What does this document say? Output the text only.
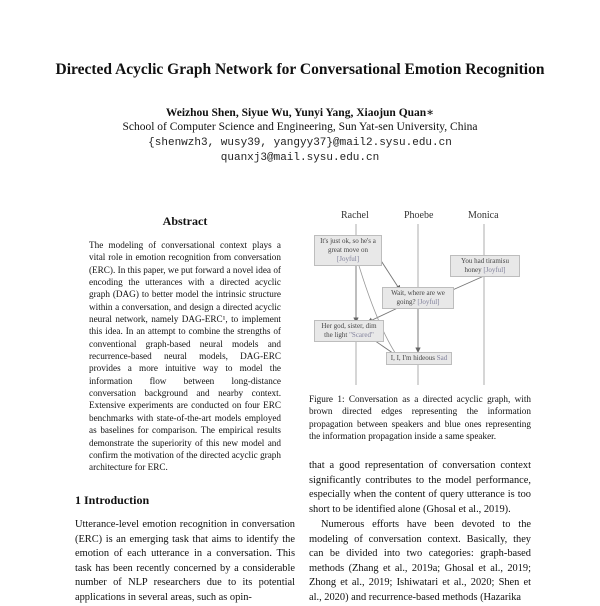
Directed Acyclic Graph Network for Conversational Emotion Recognition
Weizhou Shen, Siyue Wu, Yunyi Yang, Xiaojun Quan∗
School of Computer Science and Engineering, Sun Yat-sen University, China
{shenwzh3, wusy39, yangyy37}@mail2.sysu.edu.cn
quanxj3@mail.sysu.edu.cn
Abstract
The modeling of conversational context plays a vital role in emotion recognition from conversation (ERC). In this paper, we put forward a novel idea of encoding the utterances with a directed acyclic graph (DAG) to better model the intrinsic structure within a conversation, and design a directed acyclic neural network, namely DAG-ERC¹, to implement this idea. In an attempt to combine the strengths of conventional graph-based neural models and recurrence-based neural models, DAG-ERC provides a more intuitive way to model the information flow between long-distance conversation background and nearby context. Extensive experiments are conducted on four ERC benchmarks with state-of-the-art models employed as baselines for comparison. The empirical results demonstrate the superiority of this new model and confirm the motivation of the directed acyclic graph architecture for ERC.
1 Introduction
Utterance-level emotion recognition in conversation (ERC) is an emerging task that aims to identify the emotion of each utterance in a conversation. This task has been recently concerned by a considerable number of NLP researchers due to its potential applications in several areas, such as opin-
Rachel	Phoebe	Monica
It's just ok, so he's a great move on [Joyful]	You had tiramisu honey [Joyful]
Wait, where are we going? [Joyful]
Her god, sister, dim the light "Scared"
I, I, I'm hideous Sad
Figure 1: Conversation as a directed acyclic graph, with brown directed edges representing the information propagation between speakers and blue ones representing the information propagation inside a same speaker.
that a good representation of conversation context significantly contributes to the model performance, especially when the content of query utterance is too short to be identified alone (Ghosal et al., 2019).
Numerous efforts have been devoted to the modeling of conversation context. Basically, they can be divided into two categories: graph-based methods (Zhang et al., 2019a; Ghosal et al., 2019; Zhong et al., 2019; Ishiwatari et al., 2020; Shen et al., 2020) and recurrence-based methods (Hazarika
